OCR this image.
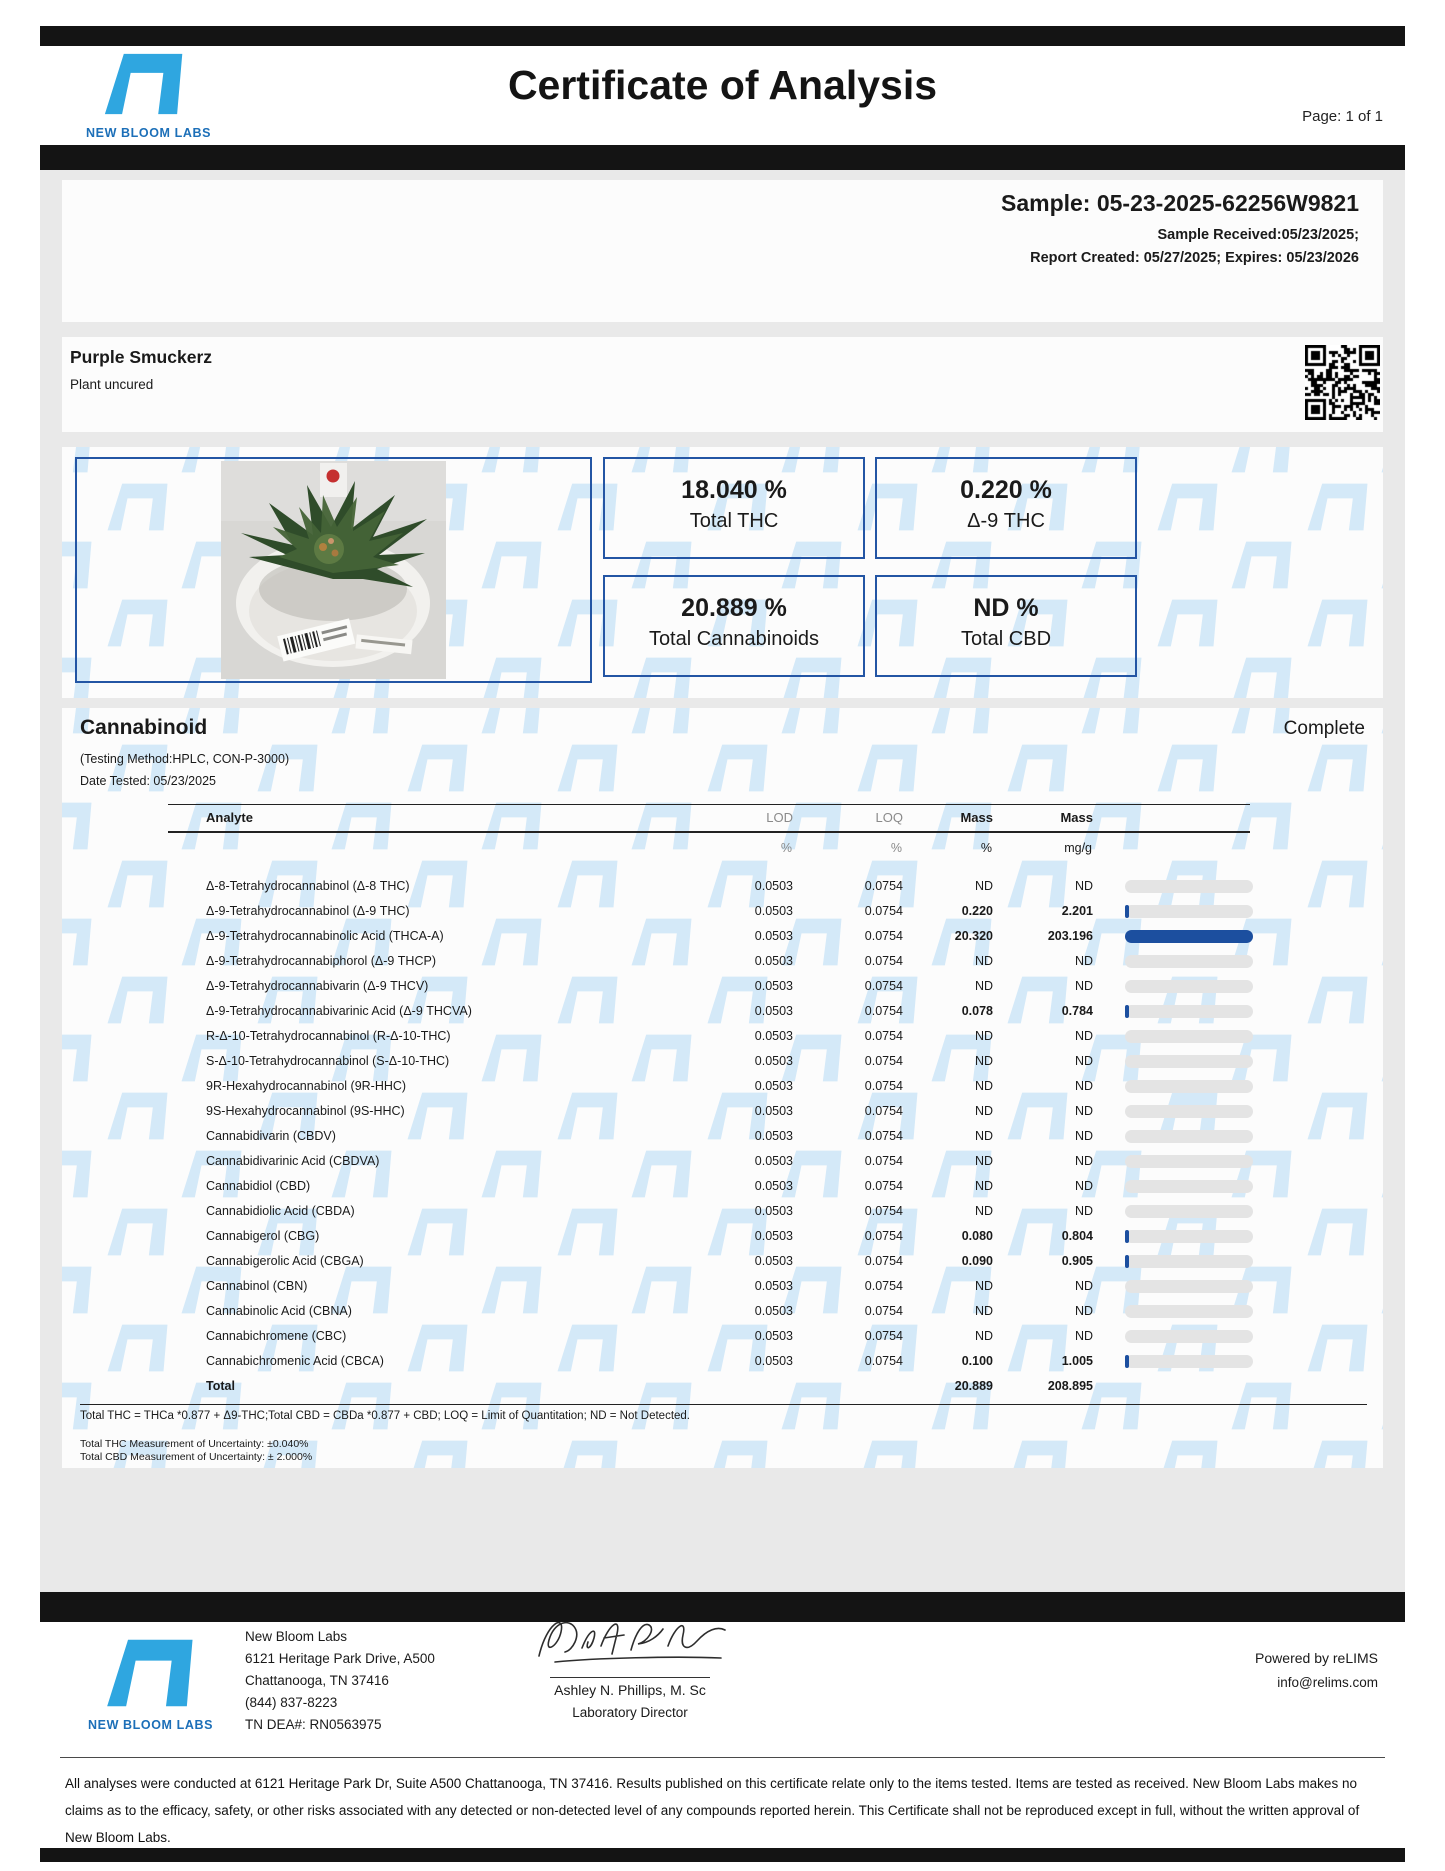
NEW BLOOM LABS
Certificate of Analysis
Page: 1 of 1
Sample: 05-23-2025-62256W9821
Sample Received:05/23/2025;
Report Created: 05/27/2025; Expires: 05/23/2026
Purple Smuckerz
Plant uncured
18.040 %
Total THC
0.220 %
Δ-9 THC
20.889 %
Total Cannabinoids
ND %
Total CBD
Cannabinoid	Complete
(Testing Method:HPLC, CON-P-3000)
Date Tested: 05/23/2025
Analyte	LOD	LOQ	Mass	Mass	
	%	%	%	mg/g	

Δ-8-Tetrahydrocannabinol (Δ-8 THC)	0.0503	0.0754	ND	ND	

Δ-9-Tetrahydrocannabinol (Δ-9 THC)	0.0503	0.0754	0.220	2.201	

Δ-9-Tetrahydrocannabinolic Acid (THCA-A)	0.0503	0.0754	20.320	203.196	

Δ-9-Tetrahydrocannabiphorol (Δ-9 THCP)	0.0503	0.0754	ND	ND	

Δ-9-Tetrahydrocannabivarin (Δ-9 THCV)	0.0503	0.0754	ND	ND	

Δ-9-Tetrahydrocannabivarinic Acid (Δ-9 THCVA)	0.0503	0.0754	0.078	0.784	

R-Δ-10-Tetrahydrocannabinol (R-Δ-10-THC)	0.0503	0.0754	ND	ND	

S-Δ-10-Tetrahydrocannabinol (S-Δ-10-THC)	0.0503	0.0754	ND	ND	

9R-Hexahydrocannabinol (9R-HHC)	0.0503	0.0754	ND	ND	

9S-Hexahydrocannabinol (9S-HHC)	0.0503	0.0754	ND	ND	

Cannabidivarin (CBDV)	0.0503	0.0754	ND	ND	

Cannabidivarinic Acid (CBDVA)	0.0503	0.0754	ND	ND	

Cannabidiol (CBD)	0.0503	0.0754	ND	ND	

Cannabidiolic Acid (CBDA)	0.0503	0.0754	ND	ND	

Cannabigerol (CBG)	0.0503	0.0754	0.080	0.804	

Cannabigerolic Acid (CBGA)	0.0503	0.0754	0.090	0.905	

Cannabinol (CBN)	0.0503	0.0754	ND	ND	

Cannabinolic Acid (CBNA)	0.0503	0.0754	ND	ND	

Cannabichromene (CBC)	0.0503	0.0754	ND	ND	

Cannabichromenic Acid (CBCA)	0.0503	0.0754	0.100	1.005	

Total			20.889	208.895	
Total THC = THCa *0.877 + Δ9-THC;Total CBD = CBDa *0.877 + CBD; LOQ = Limit of Quantitation; ND = Not Detected.
Total THC Measurement of Uncertainty: ±0.040%
Total CBD Measurement of Uncertainty: ± 2.000%
NEW BLOOM LABS
New Bloom Labs
6121 Heritage Park Drive, A500
Chattanooga, TN 37416
(844) 837-8223
TN DEA#: RN0563975
Ashley N. Phillips, M. Sc
Laboratory Director
Powered by reLIMS
info@relims.com
All analyses were conducted at 6121 Heritage Park Dr, Suite A500 Chattanooga, TN 37416. Results published on this certificate relate only to the items tested. Items are tested as received. New Bloom Labs makes no claims as to the efficacy, safety, or other risks associated with any detected or non-detected level of any compounds reported herein. This Certificate shall not be reproduced except in full, without the written approval of New Bloom Labs.
